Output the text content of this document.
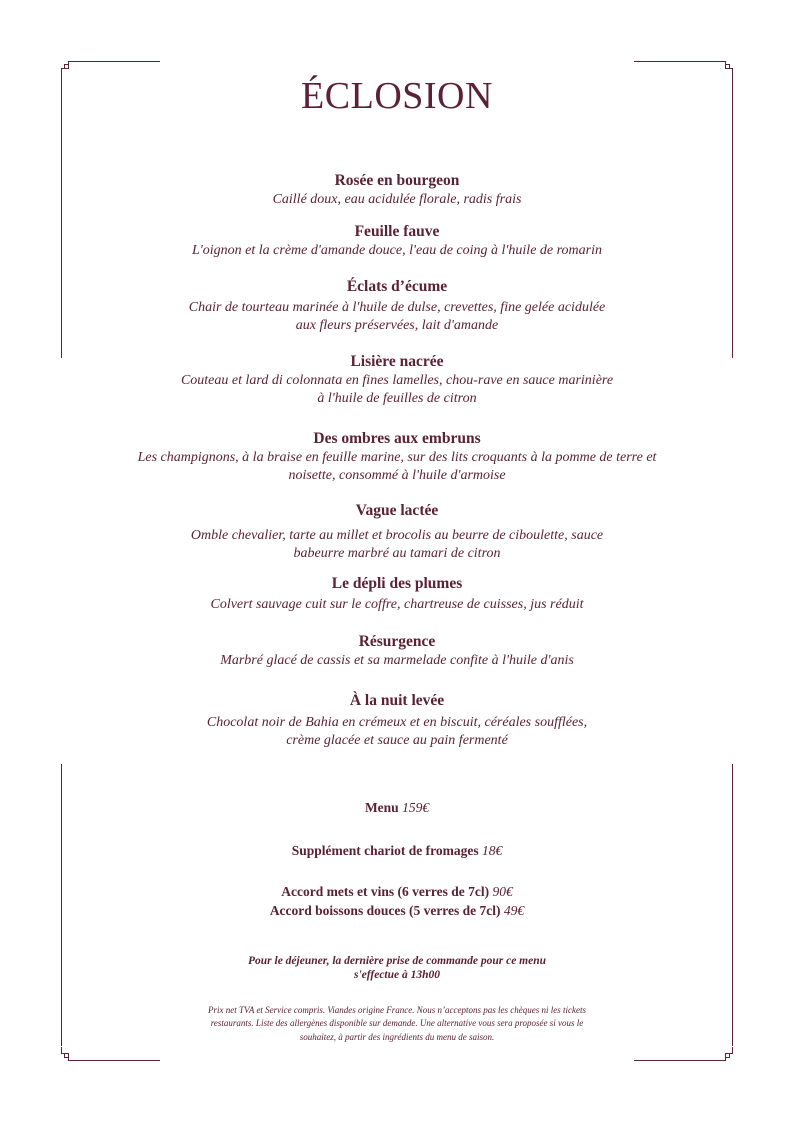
ÉCLOSION
Rosée en bourgeon
Caillé doux, eau acidulée florale, radis frais
Feuille fauve
L'oignon et la crème d'amande douce, l'eau de coing à l'huile de romarin
Éclats d’écume
Chair de tourteau marinée à l'huile de dulse, crevettes, fine gelée acidulée
aux fleurs préservées, lait d'amande
Lisière nacrée
Couteau et lard di colonnata en fines lamelles, chou-rave en sauce marinière
à l'huile de feuilles de citron
Des ombres aux embruns
Les champignons, à la braise en feuille marine, sur des lits croquants à la pomme de terre et
noisette, consommé à l'huile d'armoise
Vague lactée
Omble chevalier, tarte au millet et brocolis au beurre de ciboulette, sauce
babeurre marbré au tamari de citron
Le dépli des plumes
Colvert sauvage cuit sur le coffre, chartreuse de cuisses, jus réduit
Résurgence
Marbré glacé de cassis et sa marmelade confite à l'huile d'anis
À la nuit levée
Chocolat noir de Bahia en crémeux et en biscuit, céréales soufflées,
crème glacée et sauce au pain fermenté
Menu 159€
Supplément chariot de fromages 18€
Accord mets et vins (6 verres de 7cl) 90€
Accord boissons douces (5 verres de 7cl) 49€
Pour le déjeuner, la dernière prise de commande pour ce menu
s'effectue à 13h00
Prix net TVA et Service compris. Viandes origine France. Nous n’acceptons pas les chèques ni les tickets
restaurants. Liste des allergènes disponible sur demande. Une alternative vous sera proposée si vous le
souhaitez, à partir des ingrédients du menu de saison.
